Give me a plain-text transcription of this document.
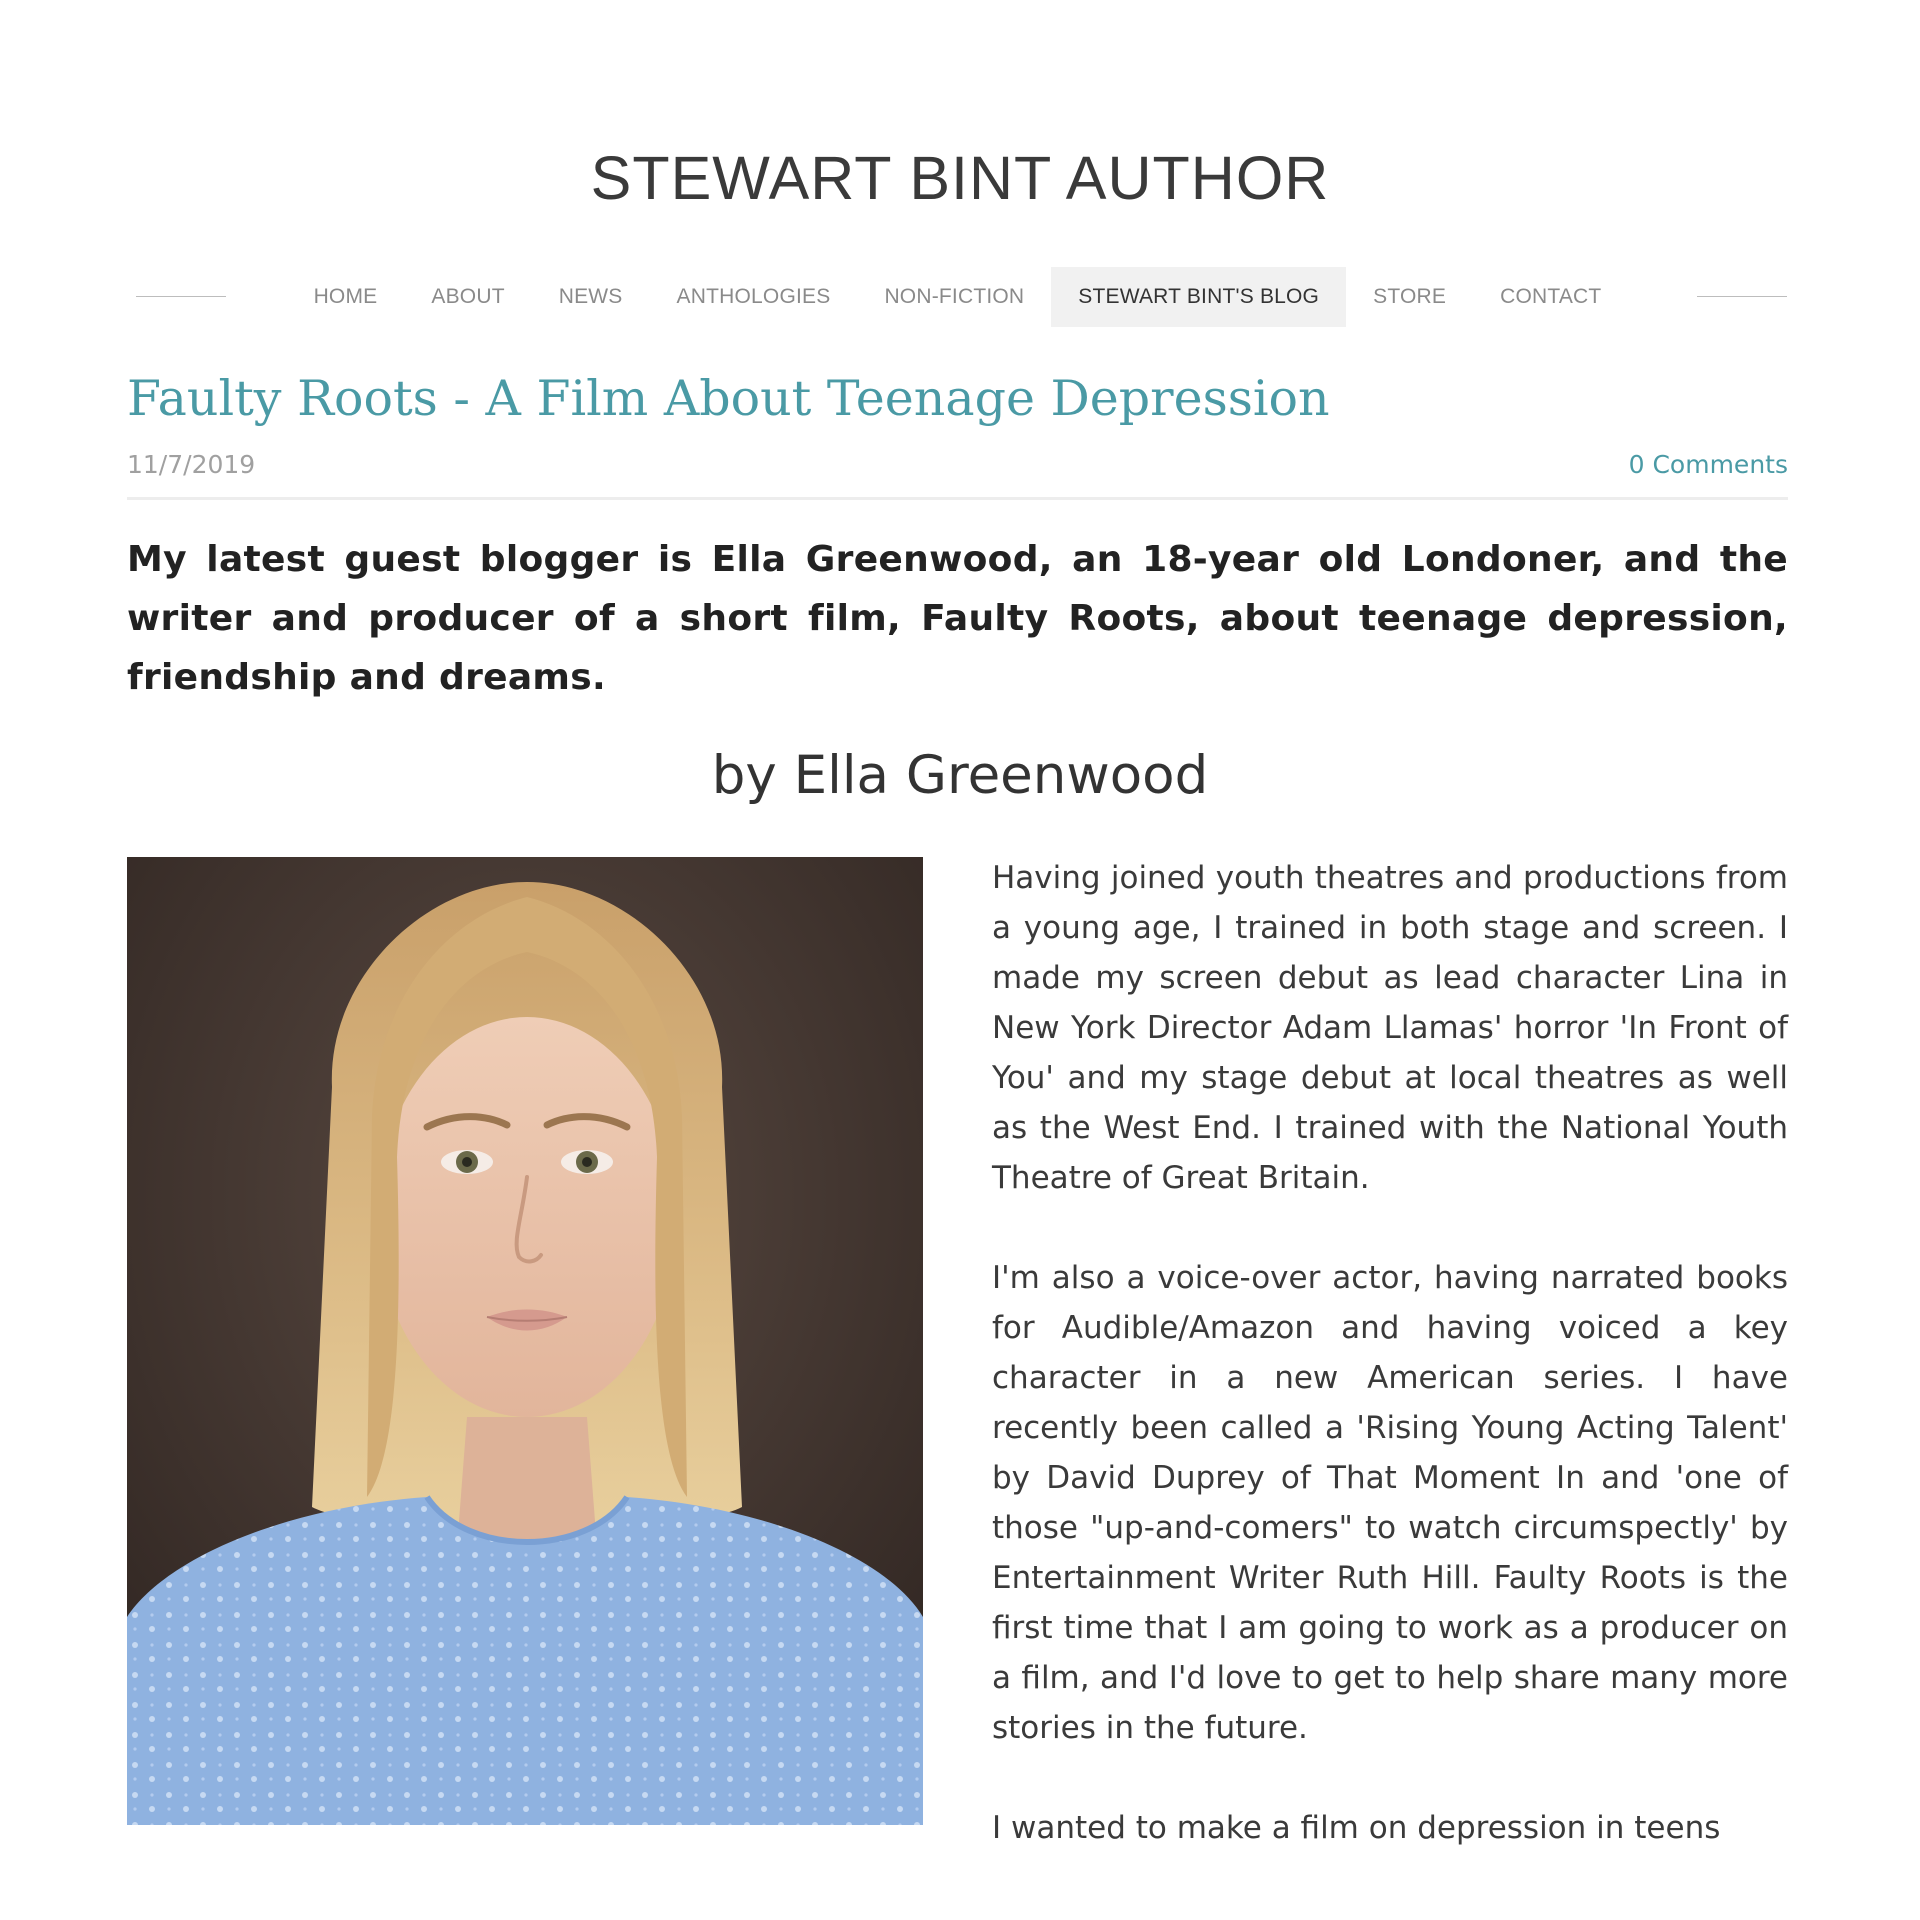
STEWART BINT AUTHOR
HOME	ABOUT	NEWS	ANTHOLOGIES	NON-FICTION	STEWART BINT'S BLOG	STORE	CONTACT
Faulty Roots - A Film About Teenage Depression
11/7/2019	0 Comments
My latest guest blogger is Ella Greenwood, an 18-year old Londoner, and the writer and producer of a short film, Faulty Roots, about teenage depression, friendship and dreams.
by Ella Greenwood

Having joined youth theatres and productions from a young age, I trained in both stage and screen. I made my screen debut as lead character Lina in New York Director Adam Llamas' horror 'In Front of You' and my stage debut at local theatres as well as the West End. I trained with the National Youth Theatre of Great Britain.

I'm also a voice-over actor, having narrated books for Audible/Amazon and having voiced a key character in a new American series. I have recently been called a 'Rising Young Acting Talent' by David Duprey of That Moment In and 'one of those "up-and-comers" to watch circumspectly' by Entertainment Writer Ruth Hill. Faulty Roots is the first time that I am going to work as a producer on a film, and I'd love to get to help share many more stories in the future.

I wanted to make a film on depression in teens
